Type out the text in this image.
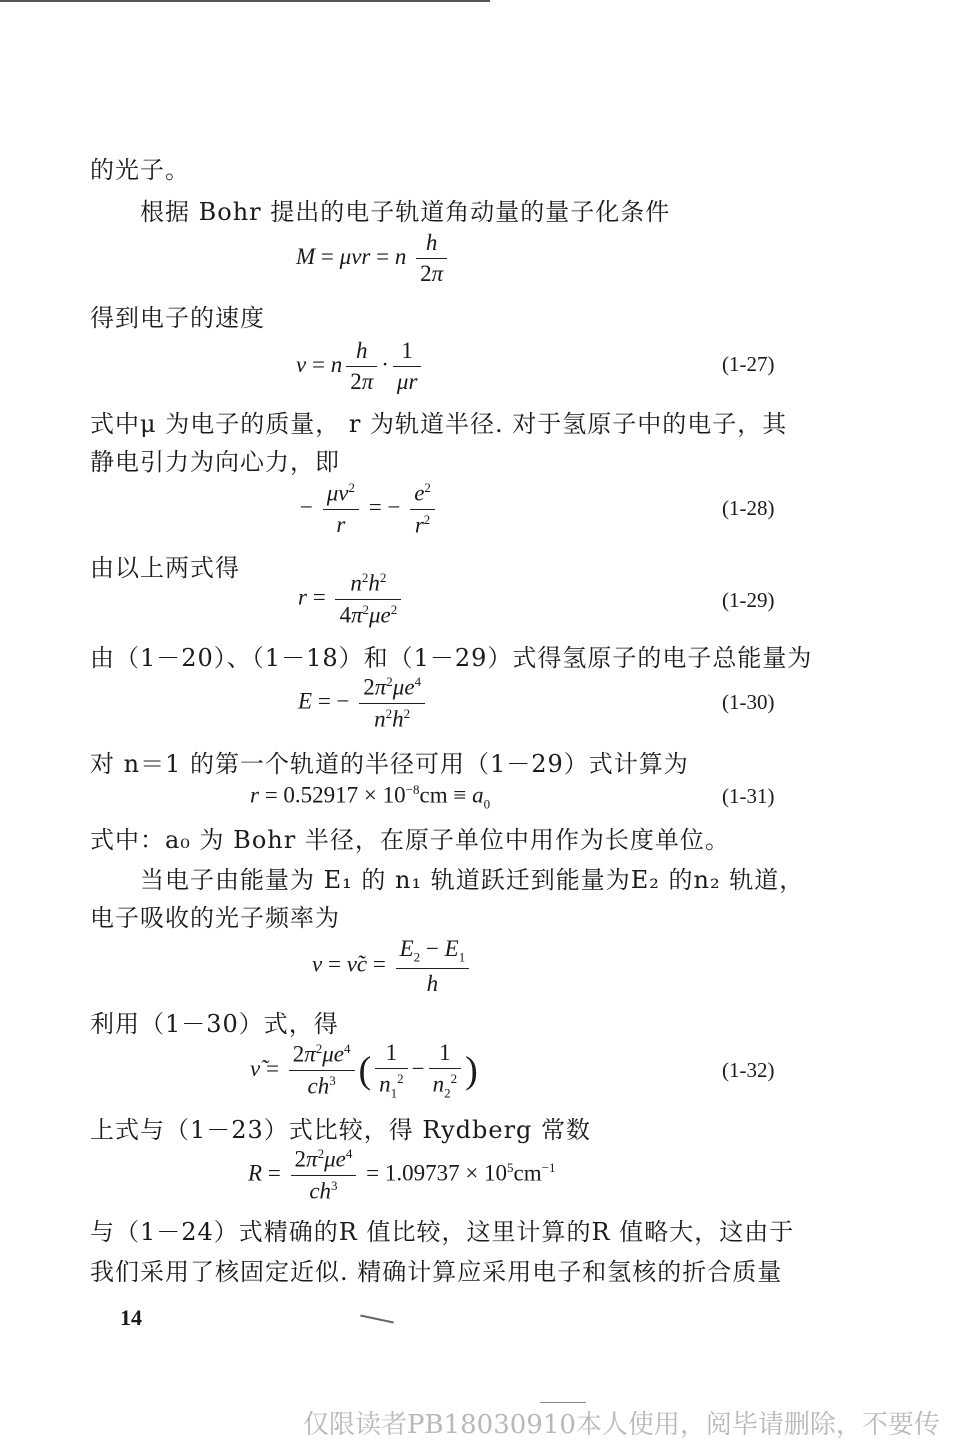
的光子。
根据 Bohr 提出的电子轨道角动量的量子化条件
M = μvr = n $\frac{h}{2\pi}$
得到电子的速度
v = n $\frac{h}{2\pi} \cdot \frac{1}{\mu r}$	(1-27)
式中μ 为电子的质量， r 为轨道半径. 对于氢原子中的电子，其
静电引力为向心力，即
− $\frac{\mu v^2}{r}$ = − $\frac{e^2}{r^2}$	(1-28)
由以上两式得
$r = \frac{n^2h^2}{4\pi^2\mu e^2}$	(1-29)
由（1－20）、（1－18）和（1－29）式得氢原子的电子总能量为
E = − $\frac{2\pi^2\mu e^4}{n^2h^2}$	(1-30)
对 n＝1 的第一个轨道的半径可用（1－29）式计算为
$r = 0.52917 \times 10^{-8}cm \equiv a_0$	(1-31)
式中：a₀ 为 Bohr 半径，在原子单位中用作为长度单位。
当电子由能量为 E₁ 的 n₁ 轨道跃迁到能量为E₂ 的n₂ 轨道，
电子吸收的光子频率为
ν = ν̃c = $\frac{E_2 - E_1}{h}$
利用（1－30）式，得
ν̃ = $\frac{2\pi^2\mu e^4}{ch^3}$ ( $\frac{1}{n_1^2} - \frac{1}{n_2^2}$ )	(1-32)
上式与（1－23）式比较，得 Rydberg 常数
$R = \frac{2\pi^2\mu e^4}{ch^3} = 1.09737 \times 10^5cm^{-1}$
与（1－24）式精确的R 值比较，这里计算的R 值略大，这由于
我们采用了核固定近似. 精确计算应采用电子和氢核的折合质量
14
仅限读者PB18030910本人使用，阅毕请删除，不要传
